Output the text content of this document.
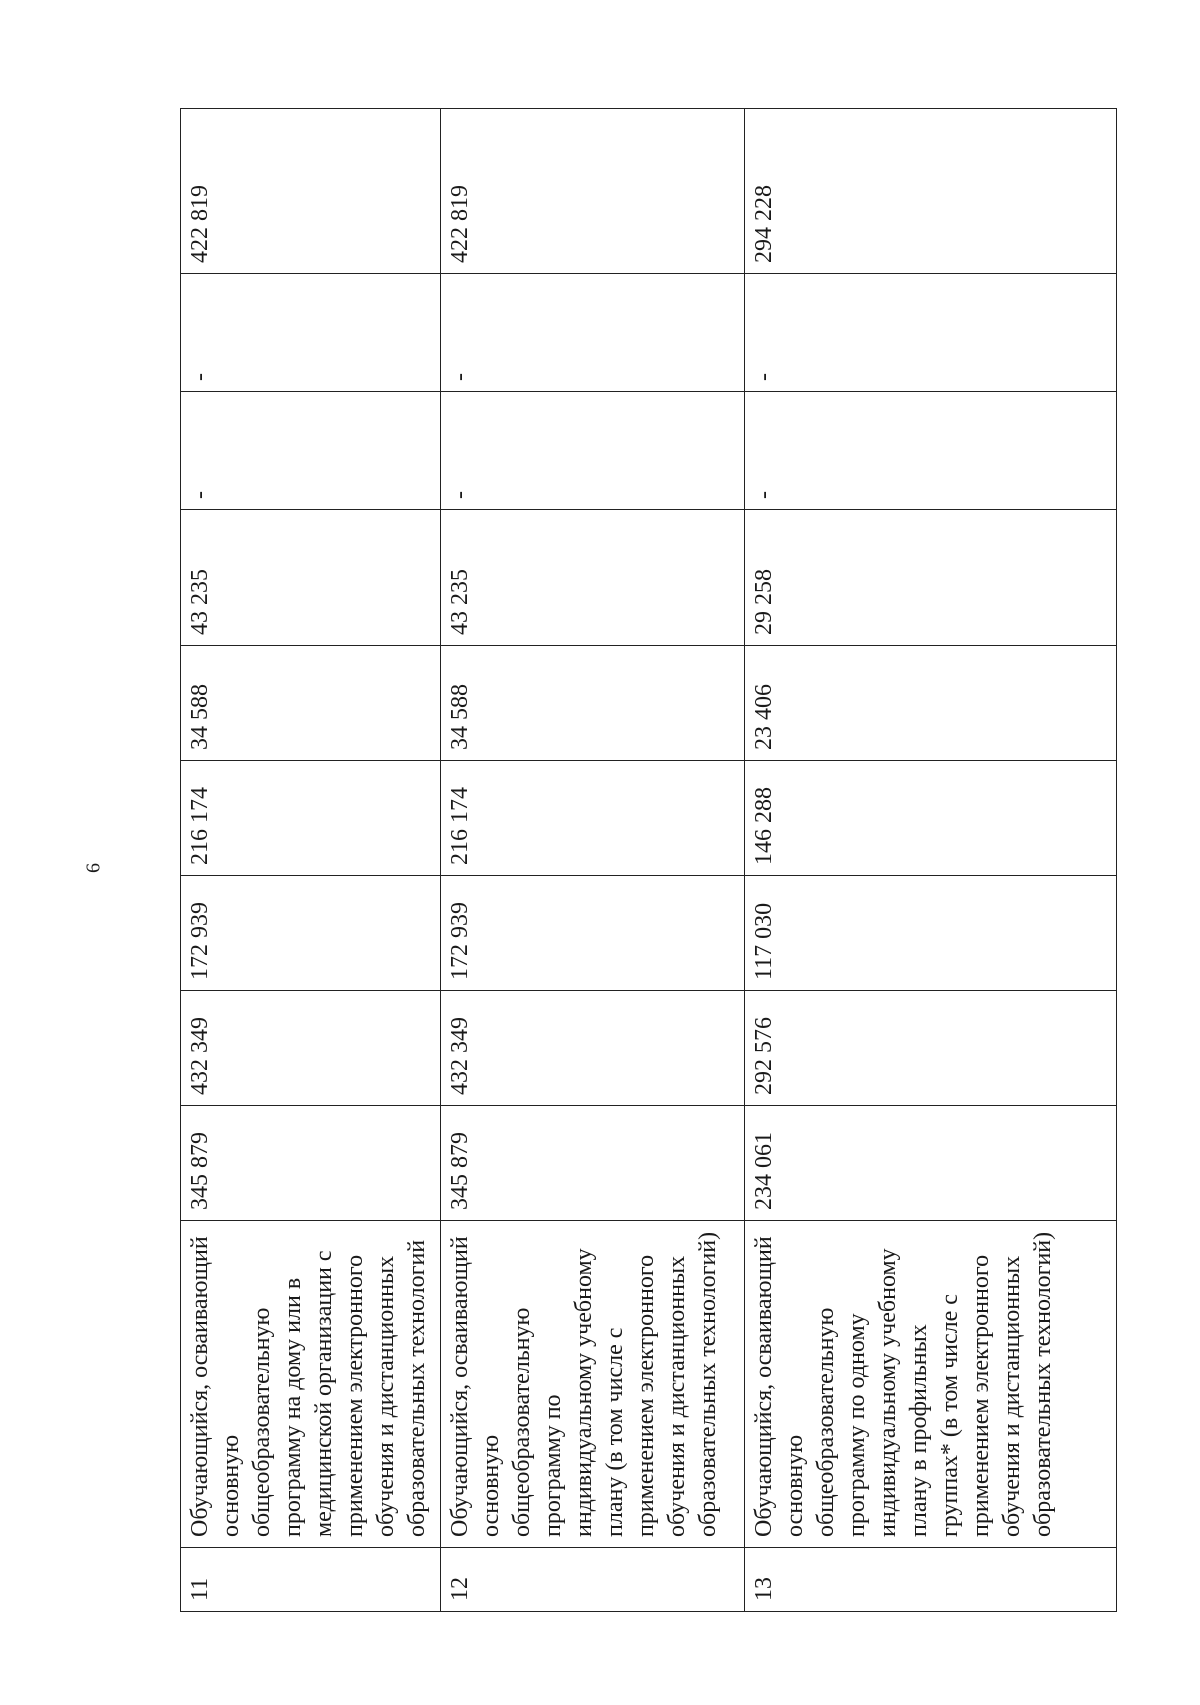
6
11	Обучающийся, осваивающий основную общеобразовательную программу на дому или в медицинской организации с применением электронного обучения и дистанционных образовательных технологий	345 879	432 349	172 939	216 174	34 588	43 235	-	-	422 819
12	Обучающийся, осваивающий основную общеобразовательную программу по индивидуальному учебному плану (в том числе с применением электронного обучения и дистанционных образовательных технологий)	345 879	432 349	172 939	216 174	34 588	43 235	-	-	422 819
13	Обучающийся, осваивающий основную общеобразовательную программу по одному индивидуальному учебному плану в профильных группах* (в том числе с применением электронного обучения и дистанционных образовательных технологий)	234 061	292 576	117 030	146 288	23 406	29 258	-	-	294 228
